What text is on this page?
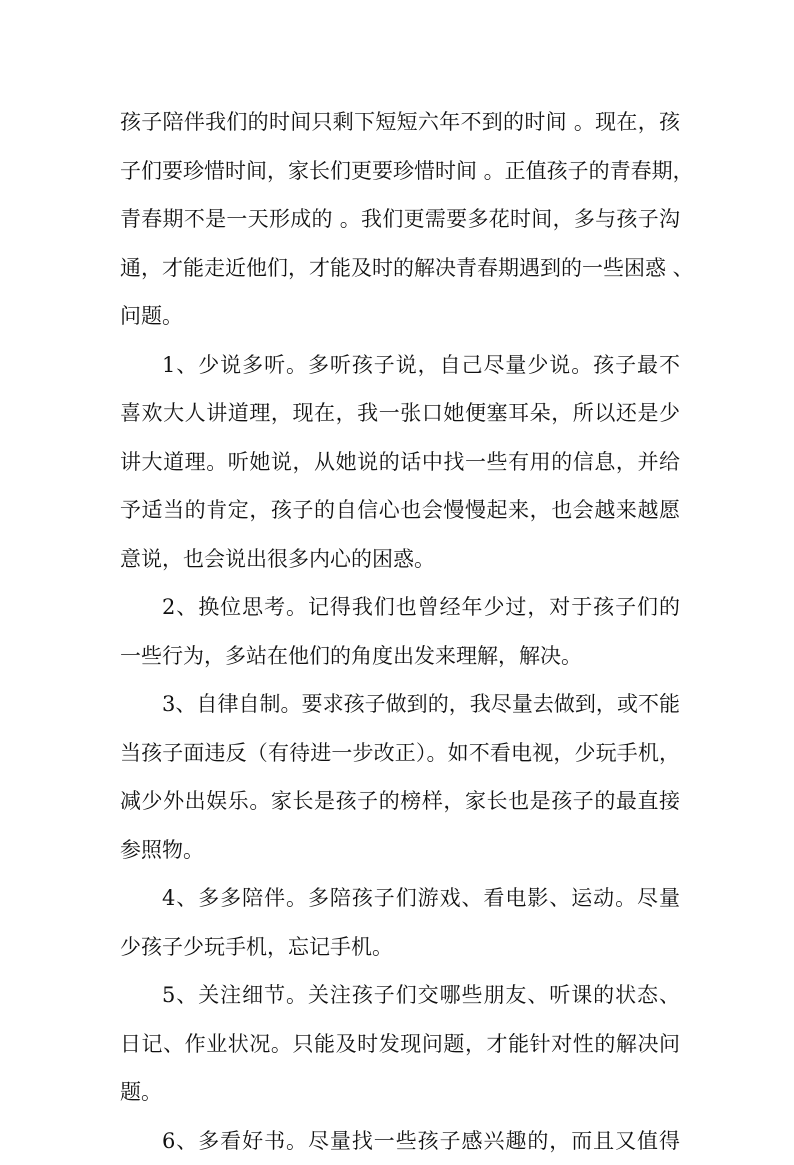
孩子陪伴我们的时间只剩下短短六年不到的时间 。现在，孩
子们要珍惜时间，家长们更要珍惜时间 。正值孩子的青春期，
青春期不是一天形成的 。我们更需要多花时间，多与孩子沟
通，才能走近他们，才能及时的解决青春期遇到的一些困惑 、
问题。
1、少说多听。多听孩子说，自己尽量少说。孩子最不
喜欢大人讲道理，现在，我一张口她便塞耳朵，所以还是少
讲大道理。听她说，从她说的话中找一些有用的信息，并给
予适当的肯定，孩子的自信心也会慢慢起来，也会越来越愿
意说，也会说出很多内心的困惑。
2、换位思考。记得我们也曾经年少过，对于孩子们的
一些行为，多站在他们的角度出发来理解，解决。
3、自律自制。要求孩子做到的，我尽量去做到，或不能
当孩子面违反（有待进一步改正）。如不看电视，少玩手机，
减少外出娱乐。家长是孩子的榜样，家长也是孩子的最直接
参照物。
4、多多陪伴。多陪孩子们游戏、看电影、运动。尽量
少孩子少玩手机，忘记手机。
5、关注细节。关注孩子们交哪些朋友、听课的状态、
日记、作业状况。只能及时发现问题，才能针对性的解决问
题。
6、多看好书。尽量找一些孩子感兴趣的，而且又值得
